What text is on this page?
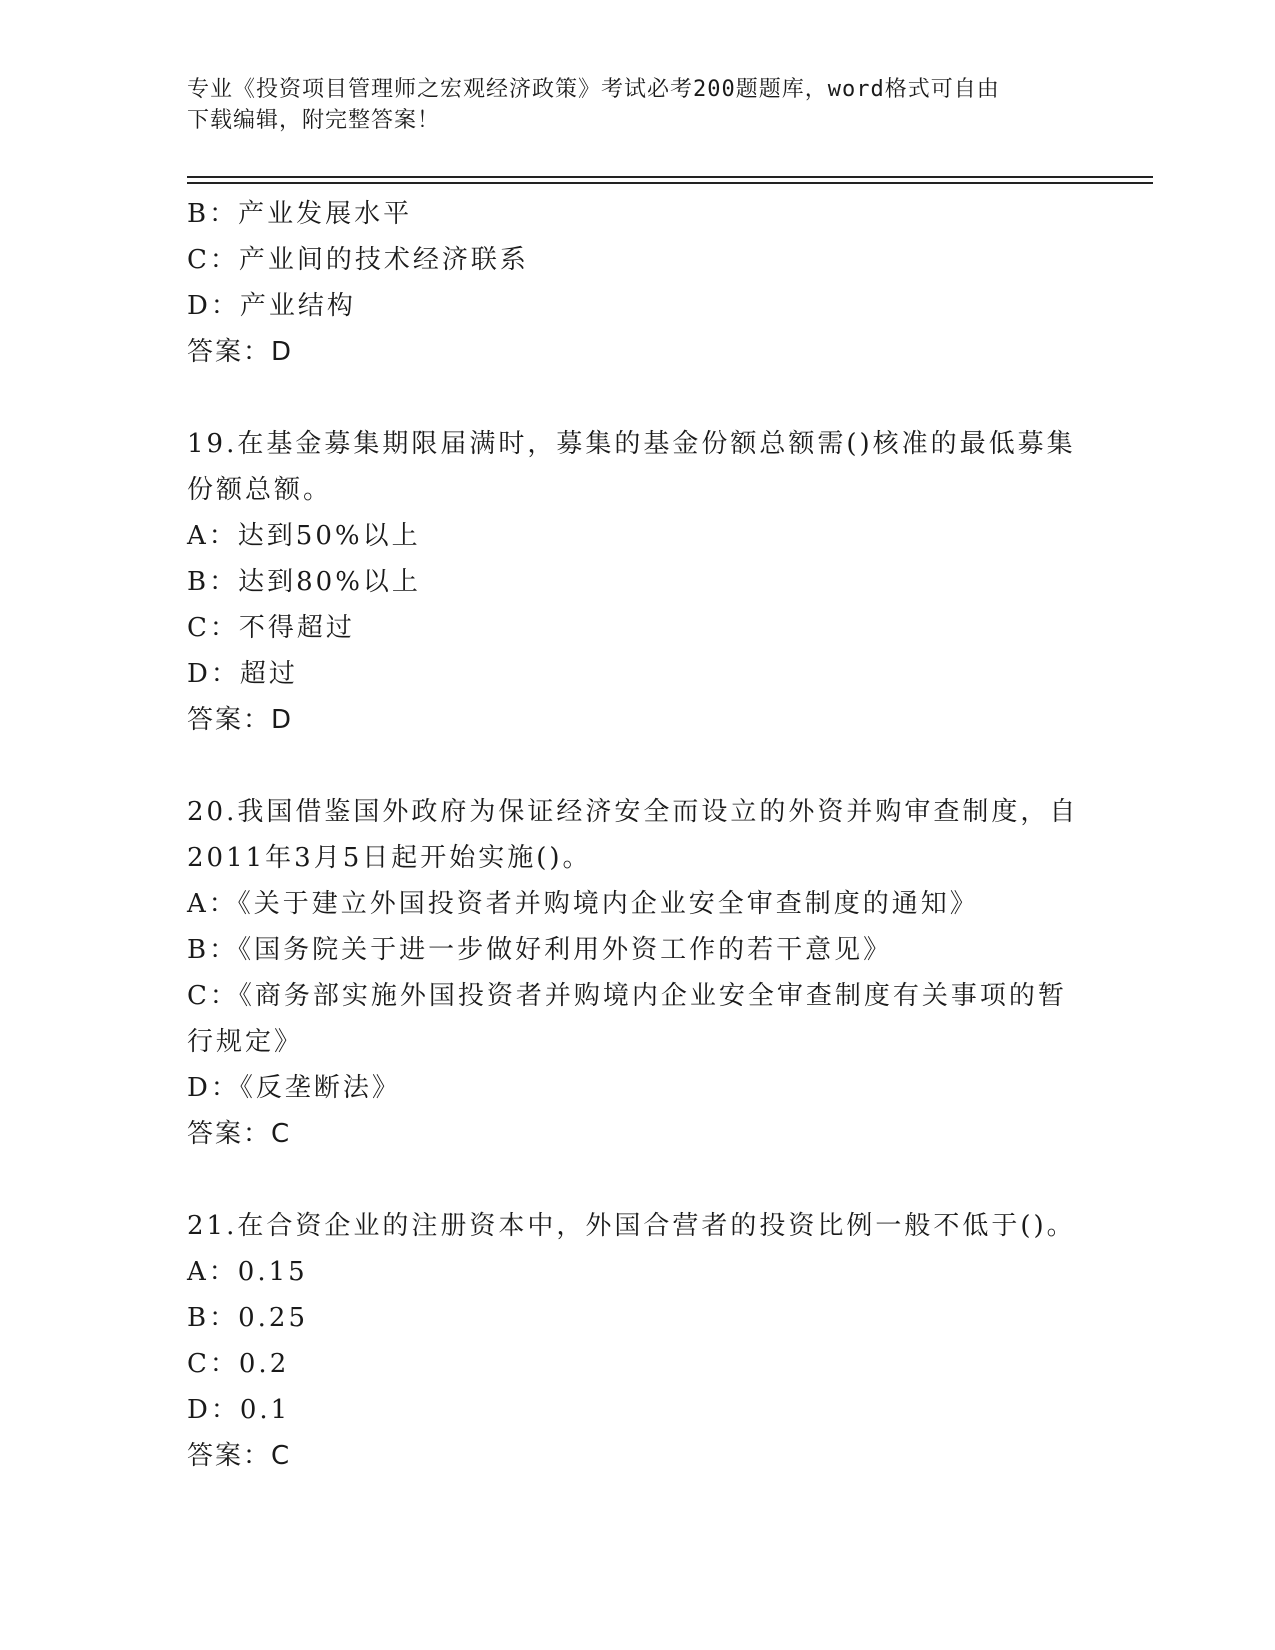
专业《投资项目管理师之宏观经济政策》考试必考200题题库，word格式可自由
下载编辑，附完整答案！
B：产业发展水平
C：产业间的技术经济联系
D：产业结构
答案：D
19.在基金募集期限届满时，募集的基金份额总额需()核准的最低募集
份额总额。
A：达到50%以上
B：达到80%以上
C：不得超过
D：超过
答案：D
20.我国借鉴国外政府为保证经济安全而设立的外资并购审查制度，自
2011年3月5日起开始实施()。
A：《关于建立外国投资者并购境内企业安全审查制度的通知》
B：《国务院关于进一步做好利用外资工作的若干意见》
C：《商务部实施外国投资者并购境内企业安全审查制度有关事项的暂
行规定》
D：《反垄断法》
答案：C
21.在合资企业的注册资本中，外国合营者的投资比例一般不低于()。
A：0.15
B：0.25
C：0.2
D：0.1
答案：C
